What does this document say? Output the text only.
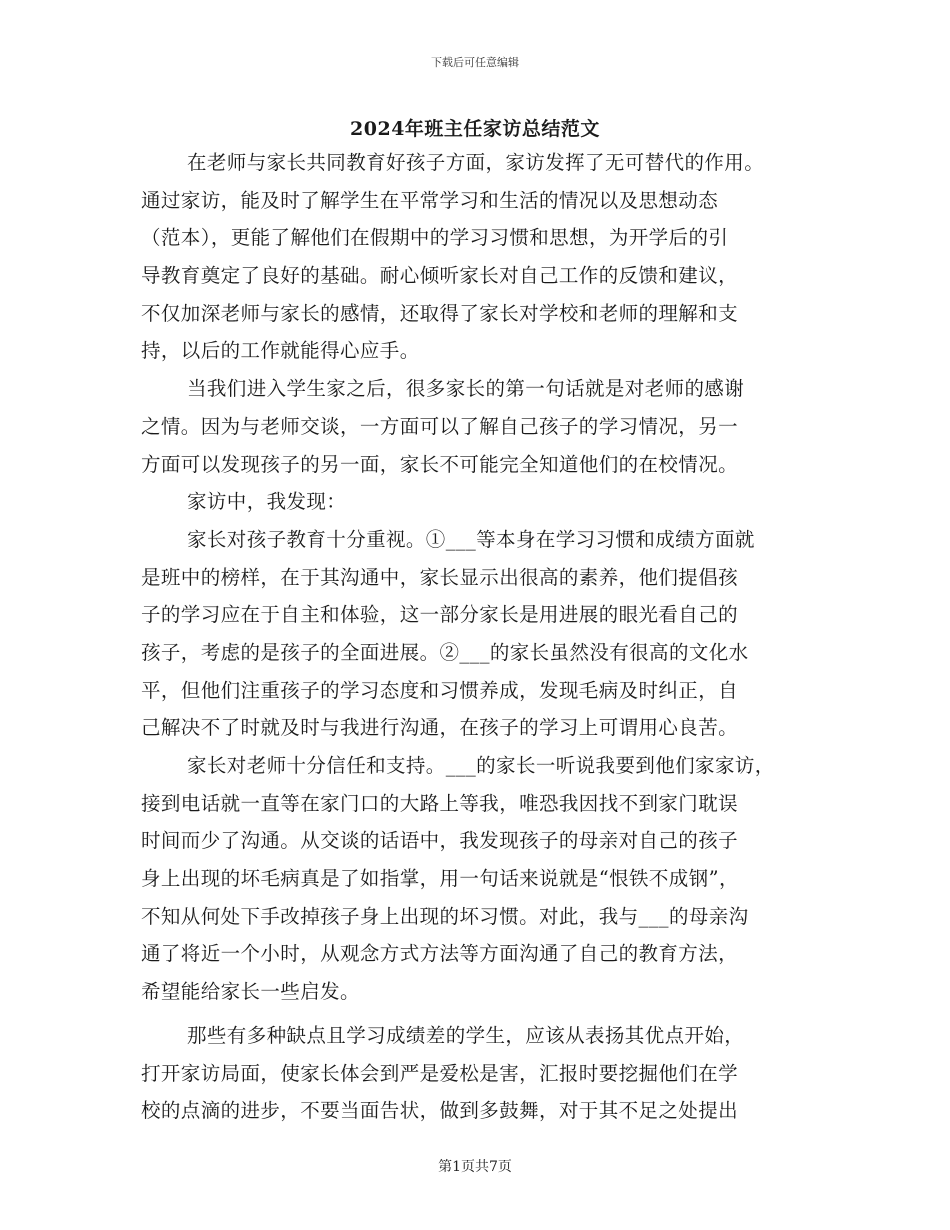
下载后可任意编辑
2024年班主任家访总结范文
在老师与家长共同教育好孩子方面，家访发挥了无可替代的作用。
通过家访，能及时了解学生在平常学习和生活的情况以及思想动态
（范本），更能了解他们在假期中的学习习惯和思想，为开学后的引
导教育奠定了良好的基础。耐心倾听家长对自己工作的反馈和建议，
不仅加深老师与家长的感情，还取得了家长对学校和老师的理解和支
持，以后的工作就能得心应手。
当我们进入学生家之后，很多家长的第一句话就是对老师的感谢
之情。因为与老师交谈，一方面可以了解自己孩子的学习情况，另一
方面可以发现孩子的另一面，家长不可能完全知道他们的在校情况。
家访中，我发现：
家长对孩子教育十分重视。①___等本身在学习习惯和成绩方面就
是班中的榜样，在于其沟通中，家长显示出很高的素养，他们提倡孩
子的学习应在于自主和体验，这一部分家长是用进展的眼光看自己的
孩子，考虑的是孩子的全面进展。②___的家长虽然没有很高的文化水
平，但他们注重孩子的学习态度和习惯养成，发现毛病及时纠正，自
己解决不了时就及时与我进行沟通，在孩子的学习上可谓用心良苦。
家长对老师十分信任和支持。___的家长一听说我要到他们家家访，
接到电话就一直等在家门口的大路上等我，唯恐我因找不到家门耽误
时间而少了沟通。从交谈的话语中，我发现孩子的母亲对自己的孩子
身上出现的坏毛病真是了如指掌，用一句话来说就是“恨铁不成钢”，
不知从何处下手改掉孩子身上出现的坏习惯。对此，我与___的母亲沟
通了将近一个小时，从观念方式方法等方面沟通了自己的教育方法，
希望能给家长一些启发。
那些有多种缺点且学习成绩差的学生，应该从表扬其优点开始，
打开家访局面，使家长体会到严是爱松是害，汇报时要挖掘他们在学
校的点滴的进步，不要当面告状，做到多鼓舞，对于其不足之处提出
第1页共7页
